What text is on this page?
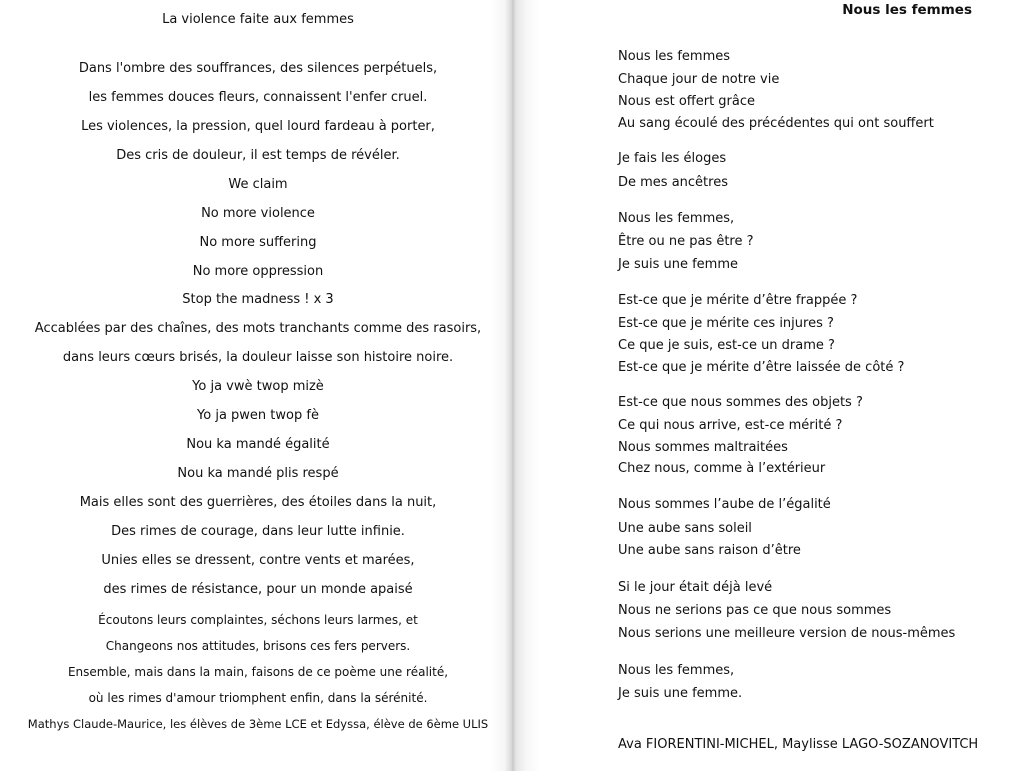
La violence faite aux femmes
Dans l'ombre des souffrances, des silences perpétuels,
les femmes douces fleurs, connaissent l'enfer cruel.
Les violences, la pression, quel lourd fardeau à porter,
Des cris de douleur, il est temps de révéler.
We claim
No more violence
No more suffering
No more oppression
Stop the madness ! x 3
Accablées par des chaînes, des mots tranchants comme des rasoirs,
dans leurs cœurs brisés, la douleur laisse son histoire noire.
Yo ja vwè twop mizè
Yo ja pwen twop fè
Nou ka mandé égalité
Nou ka mandé plis respé
Mais elles sont des guerrières, des étoiles dans la nuit,
Des rimes de courage, dans leur lutte infinie.
Unies elles se dressent, contre vents et marées,
des rimes de résistance, pour un monde apaisé
Écoutons leurs complaintes, séchons leurs larmes, et
Changeons nos attitudes, brisons ces fers pervers.
Ensemble, mais dans la main, faisons de ce poème une réalité,
où les rimes d'amour triomphent enfin, dans la sérénité.
Mathys Claude-Maurice, les élèves de 3ème LCE et Edyssa, élève de 6ème ULIS
Nous les femmes
Nous les femmes
Chaque jour de notre vie
Nous est offert grâce
Au sang écoulé des précédentes qui ont souffert
Je fais les éloges
De mes ancêtres
Nous les femmes,
Être ou ne pas être ?
Je suis une femme
Est-ce que je mérite d’être frappée ?
Est-ce que je mérite ces injures ?
Ce que je suis, est-ce un drame ?
Est-ce que je mérite d’être laissée de côté ?
Est-ce que nous sommes des objets ?
Ce qui nous arrive, est-ce mérité ?
Nous sommes maltraitées
Chez nous, comme à l’extérieur
Nous sommes l’aube de l’égalité
Une aube sans soleil
Une aube sans raison d’être
Si le jour était déjà levé
Nous ne serions pas ce que nous sommes
Nous serions une meilleure version de nous-mêmes
Nous les femmes,
Je suis une femme.
Ava FIORENTINI-MICHEL, Maylisse LAGO-SOZANOVITCH
